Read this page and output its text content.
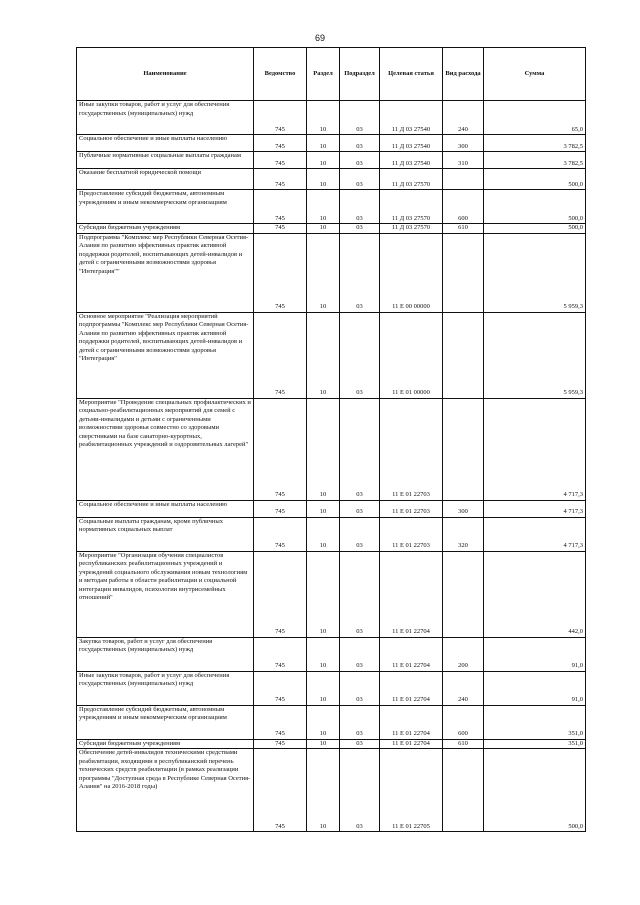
69
Наименование	Ведомство	Раздел	Подраздел	Целевая статья	Вид расхода	Сумма
Иные закупки товаров, работ и услуг для обеспечения государственных (муниципальных) нужд	745	10	03	11 Д 03 27540	240	65,0
Социальное обеспечение и иные выплаты населению	745	10	03	11 Д 03 27540	300	3 782,5
Публичные нормативные социальные выплаты гражданам	745	10	03	11 Д 03 27540	310	3 782,5
Оказание бесплатной юридической помощи	745	10	03	11 Д 03 27570		500,0
Предоставление субсидий бюджетным, автономным учреждениям и иным некоммерческим организациям	745	10	03	11 Д 03 27570	600	500,0
Субсидии бюджетным учреждениям	745	10	03	11 Д 03 27570	610	500,0
Подпрограмма "Комплекс мер Республики Северная Осетия-Алания по развитию эффективных практик активной поддержки родителей, воспитывающих детей-инвалидов и детей с ограниченными возможностями здоровья "Интеграция""	745	10	03	11 Е 00 00000		5 959,3
Основное мероприятие "Реализация мероприятий подпрограммы "Комплекс мер Республики Северная Осетия-Алания по развитию эффективных практик активной поддержки родителей, воспитывающих детей-инвалидов и детей с ограниченными возможностями здоровья "Интеграция"	745	10	03	11 Е 01 00000		5 959,3
Мероприятие "Проведение специальных профилактических и социально-реабилитационных мероприятий для семей с детьми-инвалидами и детьми с ограниченными возможностями здоровья совместно со здоровыми сверстниками на базе санаторно-курортных, реабилитационных учреждений и оздоровительных лагерей"	745	10	03	11 Е 01 22703		4 717,3
Социальное обеспечение и иные выплаты населению	745	10	03	11 Е 01 22703	300	4 717,3
Социальные выплаты гражданам, кроме публичных нормативных социальных выплат	745	10	03	11 Е 01 22703	320	4 717,3
Мероприятие "Организация обучения специалистов республиканских реабилитационных учреждений и учреждений социального обслуживания новым технологиям и методам работы в области реабилитации и социальной интеграции инвалидов, психологии внутрисемейных отношений"	745	10	03	11 Е 01 22704		442,0
Закупка товаров, работ и услуг для обеспечения государственных (муниципальных) нужд	745	10	03	11 Е 01 22704	200	91,0
Иные закупки товаров, работ и услуг для обеспечения государственных (муниципальных) нужд	745	10	03	11 Е 01 22704	240	91,0
Предоставление субсидий бюджетным, автономным учреждениям и иным некоммерческим организациям	745	10	03	11 Е 01 22704	600	351,0
Субсидии бюджетным учреждениям	745	10	03	11 Е 01 22704	610	351,0
Обеспечение детей-инвалидов техническими средствами реабилитации, входящими в республиканский перечень технических средств реабилитации (в рамках реализации программы "Доступная среда в Республике Северная Осетия-Алания" на 2016-2018 годы)	745	10	03	11 Е 01 22705		500,0
